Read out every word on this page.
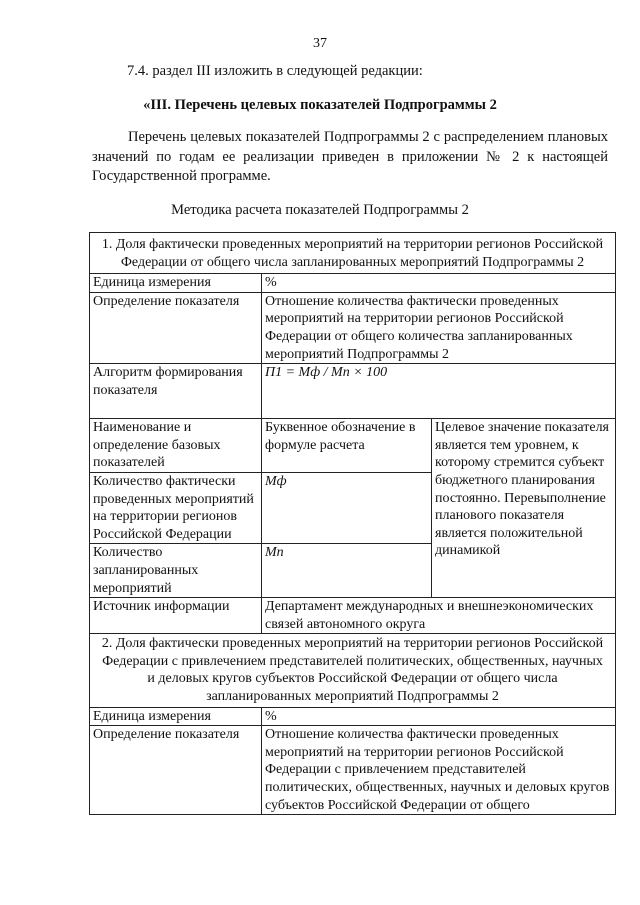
37
7.4. раздел III изложить в следующей редакции:
«III. Перечень целевых показателей Подпрограммы 2
Перечень целевых показателей Подпрограммы 2 с распределением плановых значений по годам ее реализации приведен в приложении № 2 к настоящей Государственной программе.
Методика расчета показателей Подпрограммы 2
1. Доля фактически проведенных мероприятий на территории регионов Российской Федерации от общего числа запланированных мероприятий Подпрограммы 2		
Единица измерения	%	
Определение показателя	Отношение количества фактически проведенных мероприятий на территории регионов Российской Федерации от общего количества запланированных мероприятий Подпрограммы 2	
Алгоритм формирования показателя	П1 = Мф / Мп × 100	
Наименование и определение базовых показателей	Буквенное обозначение в формуле расчета	Целевое значение показателя является тем уровнем, к которому стремится субъект бюджетного планирования постоянно. Перевыполнение планового показателя является положительной динамикой
Количество фактически проведенных мероприятий на территории регионов Российской Федерации	Мф	
Количество запланированных мероприятий	Мп	
Источник информации	Департамент международных и внешнеэкономических связей автономного округа	
2. Доля фактически проведенных мероприятий на территории регионов Российской Федерации с привлечением представителей политических, общественных, научных и деловых кругов субъектов Российской Федерации от общего числа запланированных мероприятий Подпрограммы 2		
Единица измерения	%	
Определение показателя	Отношение количества фактически проведенных мероприятий на территории регионов Российской Федерации с привлечением представителей политических, общественных, научных и деловых кругов субъектов Российской Федерации от общего	
